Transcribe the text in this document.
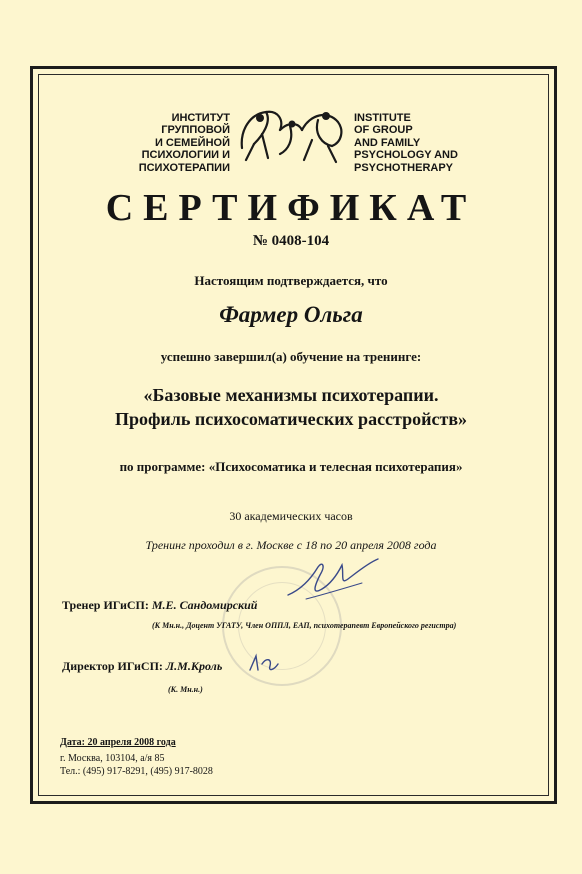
ИНСТИТУТ
ГРУППОВОЙ
И СЕМЕЙНОЙ
ПСИХОЛОГИИ И
ПСИХОТЕРАПИИ
INSTITUTE
OF GROUP
AND FAMILY
PSYCHOLOGY AND
PSYCHOTHERAPY
СЕРТИФИКАТ
№ 0408-104
Настоящим подтверждается, что
Фармер Ольга
успешно завершил(а) обучение на тренинге:
«Базовые механизмы психотерапии.
Профиль психосоматических расстройств»
по программе: «Психосоматика и телесная психотерапия»
30 академических часов
Тренинг проходил в г. Москве с 18 по 20 апреля 2008 года
Тренер ИГиСП: М.Е. Сандомирский
(К Мн.н., Доцент УГАТУ, Член ОППЛ, ЕАП, психотерапевт Европейского регистра)
Директор ИГиСП: Л.М.Кроль
(К. Мн.н.)
Дата: 20 апреля 2008 года
г. Москва, 103104, а/я 85
Тел.: (495) 917-8291, (495) 917-8028
